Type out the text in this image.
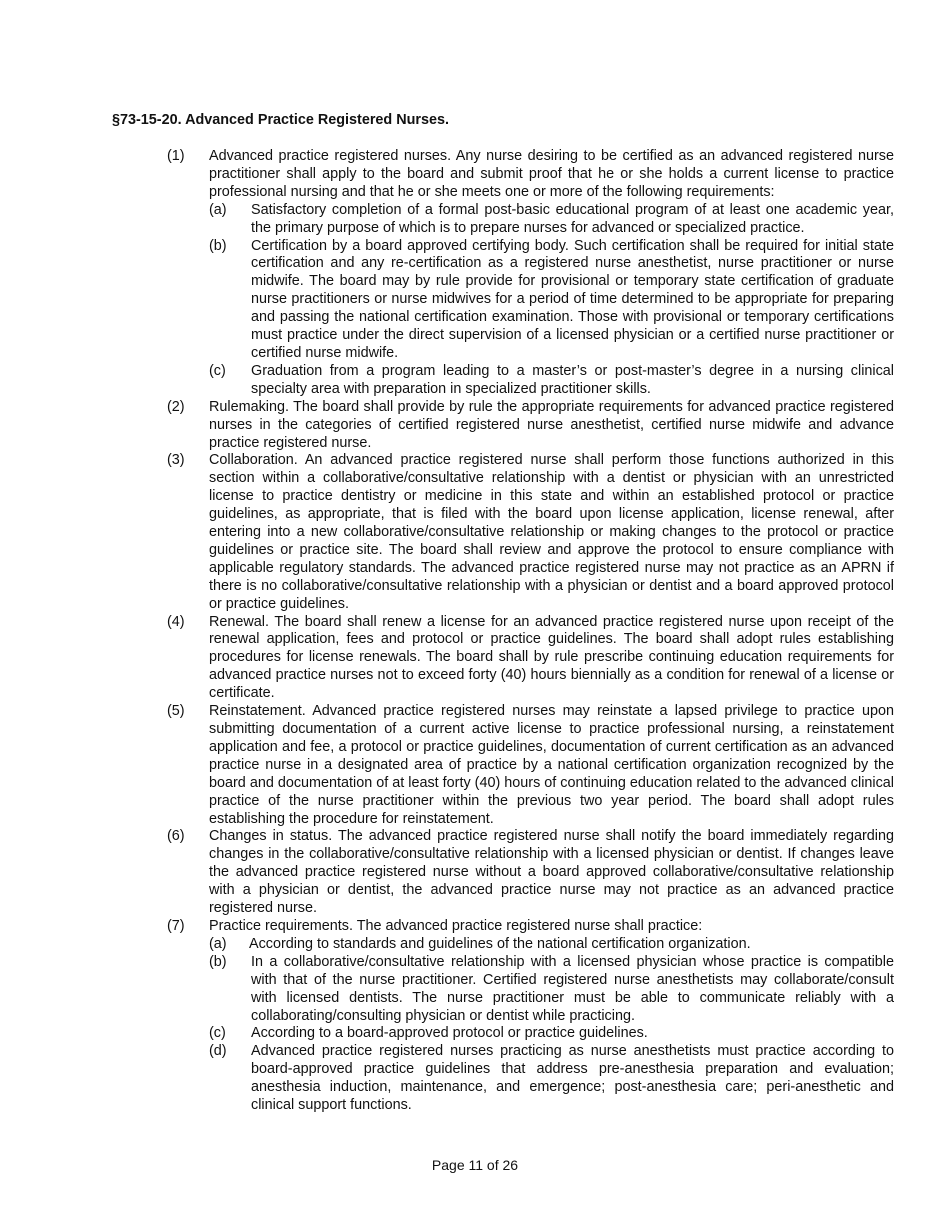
§73-15-20. Advanced Practice Registered Nurses.
(1) Advanced practice registered nurses. Any nurse desiring to be certified as an advanced registered nurse practitioner shall apply to the board and submit proof that he or she holds a current license to practice professional nursing and that he or she meets one or more of the following requirements:
(a) Satisfactory completion of a formal post-basic educational program of at least one academic year, the primary purpose of which is to prepare nurses for advanced or specialized practice.
(b) Certification by a board approved certifying body. Such certification shall be required for initial state certification and any re-certification as a registered nurse anesthetist, nurse practitioner or nurse midwife. The board may by rule provide for provisional or temporary state certification of graduate nurse practitioners or nurse midwives for a period of time determined to be appropriate for preparing and passing the national certification examination. Those with provisional or temporary certifications must practice under the direct supervision of a licensed physician or a certified nurse practitioner or certified nurse midwife.
(c) Graduation from a program leading to a master’s or post-master’s degree in a nursing clinical specialty area with preparation in specialized practitioner skills.
(2) Rulemaking. The board shall provide by rule the appropriate requirements for advanced practice registered nurses in the categories of certified registered nurse anesthetist, certified nurse midwife and advance practice registered nurse.
(3) Collaboration. An advanced practice registered nurse shall perform those functions authorized in this section within a collaborative/consultative relationship with a dentist or physician with an unrestricted license to practice dentistry or medicine in this state and within an established protocol or practice guidelines, as appropriate, that is filed with the board upon license application, license renewal, after entering into a new collaborative/consultative relationship or making changes to the protocol or practice guidelines or practice site. The board shall review and approve the protocol to ensure compliance with applicable regulatory standards. The advanced practice registered nurse may not practice as an APRN if there is no collaborative/consultative relationship with a physician or dentist and a board approved protocol or practice guidelines.
(4) Renewal. The board shall renew a license for an advanced practice registered nurse upon receipt of the renewal application, fees and protocol or practice guidelines. The board shall adopt rules establishing procedures for license renewals. The board shall by rule prescribe continuing education requirements for advanced practice nurses not to exceed forty (40) hours biennially as a condition for renewal of a license or certificate.
(5) Reinstatement. Advanced practice registered nurses may reinstate a lapsed privilege to practice upon submitting documentation of a current active license to practice professional nursing, a reinstatement application and fee, a protocol or practice guidelines, documentation of current certification as an advanced practice nurse in a designated area of practice by a national certification organization recognized by the board and documentation of at least forty (40) hours of continuing education related to the advanced clinical practice of the nurse practitioner within the previous two year period. The board shall adopt rules establishing the procedure for reinstatement.
(6) Changes in status. The advanced practice registered nurse shall notify the board immediately regarding changes in the collaborative/consultative relationship with a licensed physician or dentist. If changes leave the advanced practice registered nurse without a board approved collaborative/consultative relationship with a physician or dentist, the advanced practice nurse may not practice as an advanced practice registered nurse.
(7) Practice requirements. The advanced practice registered nurse shall practice:
(a) According to standards and guidelines of the national certification organization.
(b) In a collaborative/consultative relationship with a licensed physician whose practice is compatible with that of the nurse practitioner. Certified registered nurse anesthetists may collaborate/consult with licensed dentists. The nurse practitioner must be able to communicate reliably with a collaborating/consulting physician or dentist while practicing.
(c) According to a board-approved protocol or practice guidelines.
(d) Advanced practice registered nurses practicing as nurse anesthetists must practice according to board-approved practice guidelines that address pre-anesthesia preparation and evaluation; anesthesia induction, maintenance, and emergence; post-anesthesia care; peri-anesthetic and clinical support functions.
Page 11 of 26
